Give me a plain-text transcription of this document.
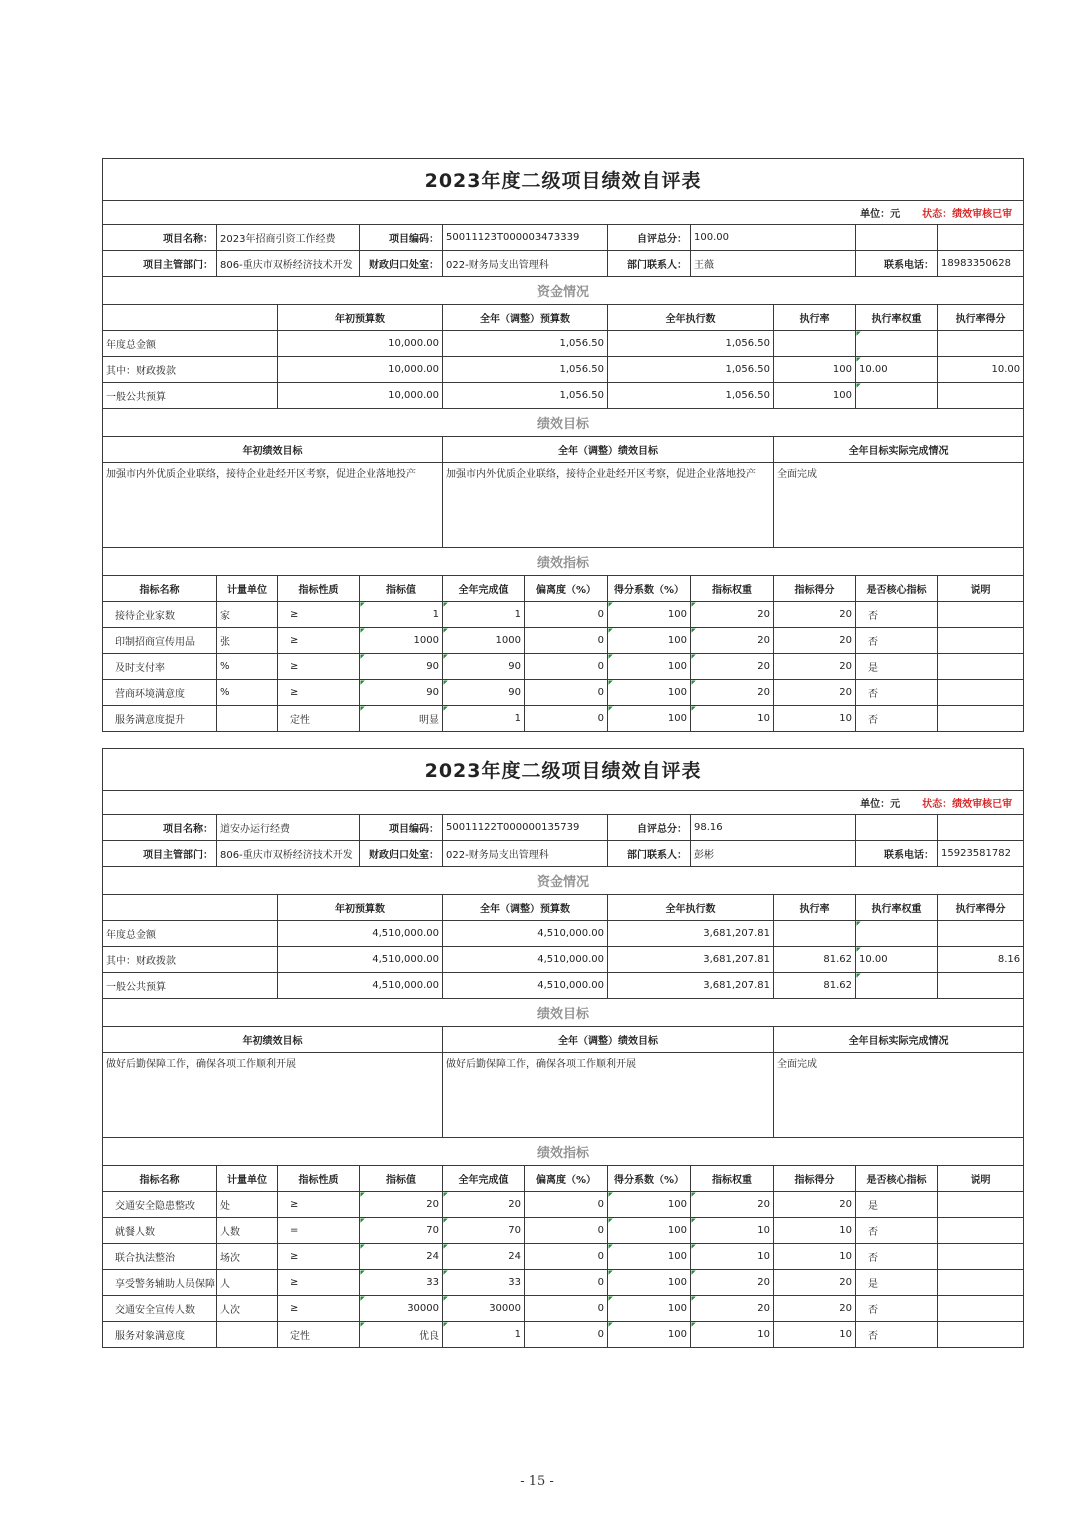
2023年度二级项目绩效自评表										
单位：元 状态：绩效审核已审										
项目名称：	2023年招商引资工作经费		项目编码：	50011123T000003473339		自评总分：	100.00			
项目主管部门：	806-重庆市双桥经济技术开发		财政归口处室：	022-财务局支出管理科		部门联系人：	王薇		联系电话：	18983350628
资金情况										
		年初预算数		全年（调整）预算数		全年执行数		执行率	执行率权重	执行率得分
年度总金额		10,000.00		1,056.50		1,056.50				
其中：财政拨款		10,000.00		1,056.50		1,056.50		100	10.00	10.00
一般公共预算		10,000.00		1,056.50		1,056.50		100		
绩效目标										
年初绩效目标				全年（调整）绩效目标				全年目标实际完成情况		
加强市内外优质企业联络，接待企业赴经开区考察，促进企业落地投产				加强市内外优质企业联络，接待企业赴经开区考察，促进企业落地投产				全面完成		
绩效指标										
指标名称	计量单位	指标性质	指标值	全年完成值	偏离度（%）	得分系数（%）	指标权重	指标得分	是否核心指标	说明
接待企业家数	家	≥	1	1	0	100	20	20	否	
印制招商宣传用品	张	≥	1000	1000	0	100	20	20	否	
及时支付率	%	≥	90	90	0	100	20	20	是	
营商环境满意度	%	≥	90	90	0	100	20	20	否	
服务满意度提升		定性	明显	1	0	100	10	10	否	
2023年度二级项目绩效自评表										
单位：元 状态：绩效审核已审										
项目名称：	道安办运行经费		项目编码：	50011122T000000135739		自评总分：	98.16			
项目主管部门：	806-重庆市双桥经济技术开发		财政归口处室：	022-财务局支出管理科		部门联系人：	彭彬		联系电话：	15923581782
资金情况										
		年初预算数		全年（调整）预算数		全年执行数		执行率	执行率权重	执行率得分
年度总金额		4,510,000.00		4,510,000.00		3,681,207.81				
其中：财政拨款		4,510,000.00		4,510,000.00		3,681,207.81		81.62	10.00	8.16
一般公共预算		4,510,000.00		4,510,000.00		3,681,207.81		81.62		
绩效目标										
年初绩效目标				全年（调整）绩效目标				全年目标实际完成情况		
做好后勤保障工作，确保各项工作顺利开展				做好后勤保障工作，确保各项工作顺利开展				全面完成		
绩效指标										
指标名称	计量单位	指标性质	指标值	全年完成值	偏离度（%）	得分系数（%）	指标权重	指标得分	是否核心指标	说明
交通安全隐患整改	处	≥	20	20	0	100	20	20	是	
就餐人数	人数	=	70	70	0	100	10	10	否	
联合执法整治	场次	≥	24	24	0	100	10	10	否	
享受警务辅助人员保障	人	≥	33	33	0	100	20	20	是	
交通安全宣传人数	人次	≥	30000	30000	0	100	20	20	否	
服务对象满意度		定性	优良	1	0	100	10	10	否	
- 15 -
